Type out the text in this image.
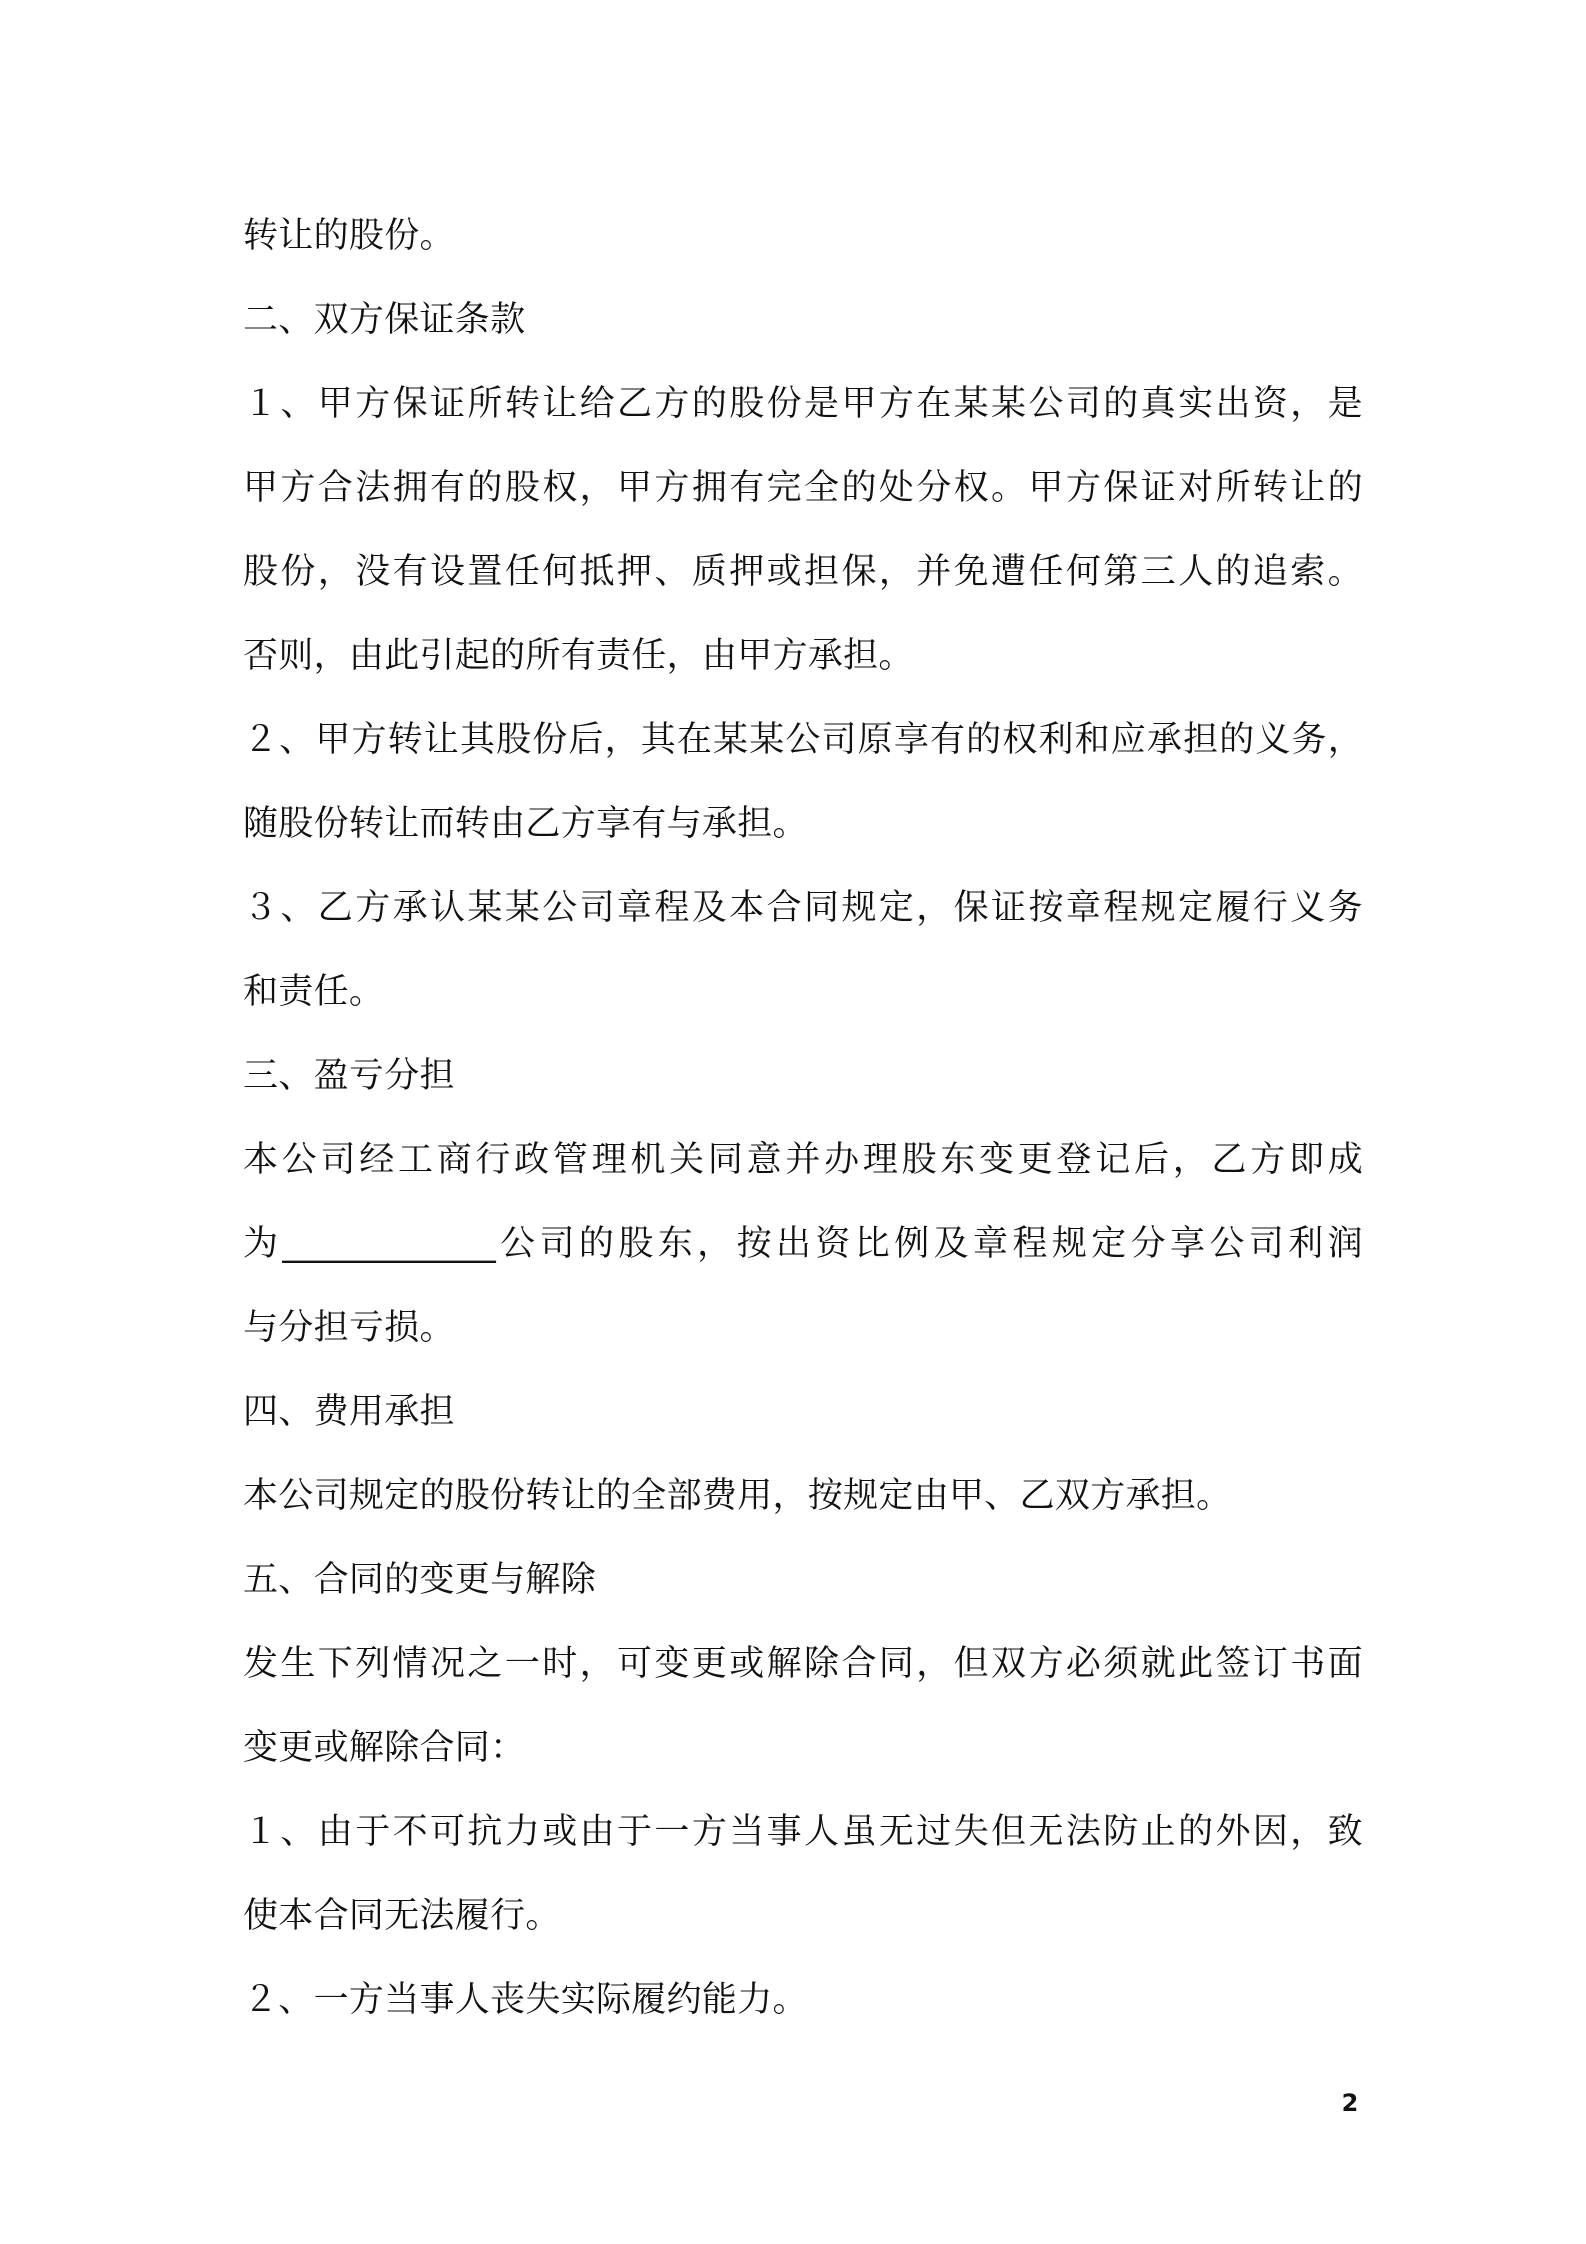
转让的股份。
二、双方保证条款
１、甲方保证所转让给乙方的股份是甲方在某某公司的真实出资，是
甲方合法拥有的股权，甲方拥有完全的处分权。甲方保证对所转让的
股份，没有设置任何抵押、质押或担保，并免遭任何第三人的追索。
否则，由此引起的所有责任，由甲方承担。
２、甲方转让其股份后，其在某某公司原享有的权利和应承担的义务，
随股份转让而转由乙方享有与承担。
３、乙方承认某某公司章程及本合同规定，保证按章程规定履行义务
和责任。
三、盈亏分担
本公司经工商行政管理机关同意并办理股东变更登记后，乙方即成
为____________公司的股东，按出资比例及章程规定分享公司利润
与分担亏损。
四、费用承担
本公司规定的股份转让的全部费用，按规定由甲、乙双方承担。
五、合同的变更与解除
发生下列情况之一时，可变更或解除合同，但双方必须就此签订书面
变更或解除合同：
１、由于不可抗力或由于一方当事人虽无过失但无法防止的外因，致
使本合同无法履行。
２、一方当事人丧失实际履约能力。
2
